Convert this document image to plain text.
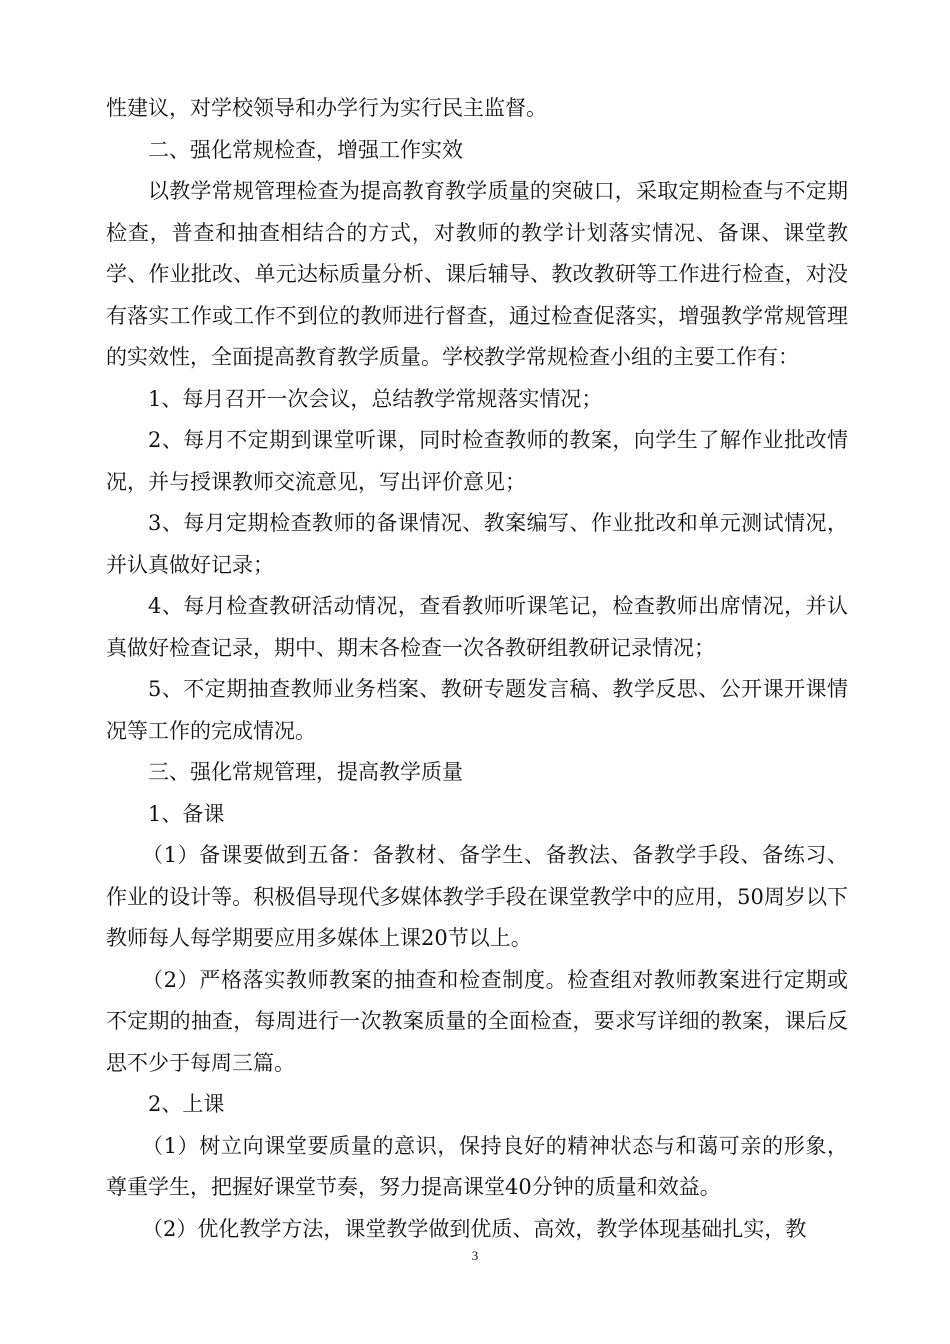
性建议，对学校领导和办学行为实行民主监督。

二、强化常规检查，增强工作实效

以教学常规管理检查为提高教育教学质量的突破口，采取定期检查与不定期检查，普查和抽查相结合的方式，对教师的教学计划落实情况、备课、课堂教学、作业批改、单元达标质量分析、课后辅导、教改教研等工作进行检查，对没有落实工作或工作不到位的教师进行督查，通过检查促落实，增强教学常规管理的实效性，全面提高教育教学质量。学校教学常规检查小组的主要工作有：

1、每月召开一次会议，总结教学常规落实情况；

2、每月不定期到课堂听课，同时检查教师的教案，向学生了解作业批改情况，并与授课教师交流意见，写出评价意见；

3、每月定期检查教师的备课情况、教案编写、作业批改和单元测试情况，并认真做好记录；

4、每月检查教研活动情况，查看教师听课笔记，检查教师出席情况，并认真做好检查记录，期中、期末各检查一次各教研组教研记录情况；

5、不定期抽查教师业务档案、教研专题发言稿、教学反思、公开课开课情况等工作的完成情况。

三、强化常规管理，提高教学质量

1、备课

（1）备课要做到五备：备教材、备学生、备教法、备教学手段、备练习、作业的设计等。积极倡导现代多媒体教学手段在课堂教学中的应用，50周岁以下教师每人每学期要应用多媒体上课20节以上。

（2）严格落实教师教案的抽查和检查制度。检查组对教师教案进行定期或不定期的抽查，每周进行一次教案质量的全面检查，要求写详细的教案，课后反思不少于每周三篇。

2、上课

（1）树立向课堂要质量的意识，保持良好的精神状态与和蔼可亲的形象，尊重学生，把握好课堂节奏，努力提高课堂40分钟的质量和效益。

（2）优化教学方法，课堂教学做到优质、高效，教学体现基础扎实，教

3
